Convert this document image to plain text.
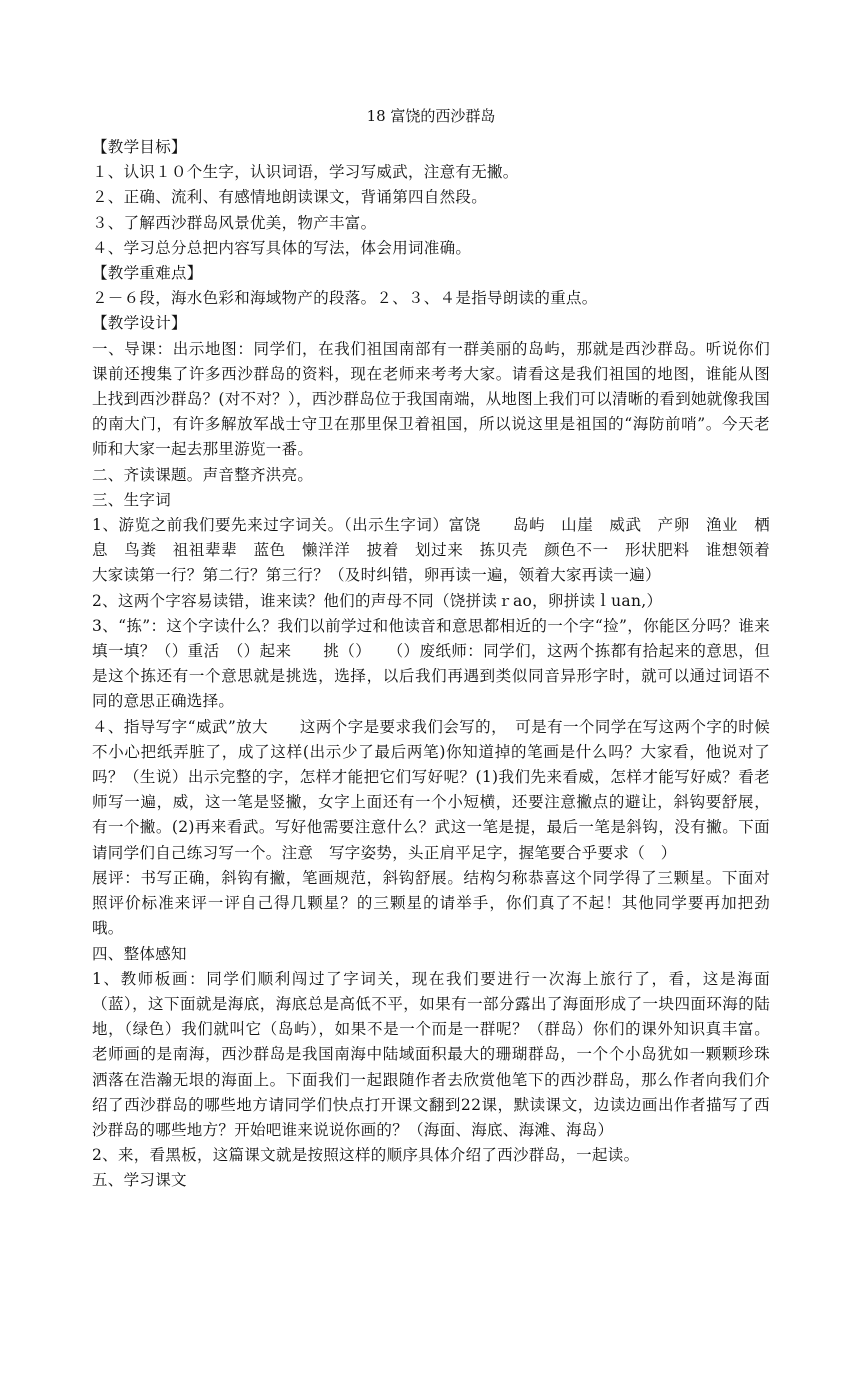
18 富饶的西沙群岛

【教学目标】

１、认识１０个生字，认识词语，学习写威武，注意有无撇。

２、正确、流利、有感情地朗读课文，背诵第四自然段。

３、了解西沙群岛风景优美，物产丰富。

４、学习总分总把内容写具体的写法，体会用词准确。

【教学重难点】

２－６段，海水色彩和海域物产的段落。２、３、４是指导朗读的重点。

【教学设计】

一、导课：出示地图：同学们，在我们祖国南部有一群美丽的岛屿，那就是西沙群岛。听说你们课前还搜集了许多西沙群岛的资料，现在老师来考考大家。请看这是我们祖国的地图，谁能从图上找到西沙群岛？(对不对？），西沙群岛位于我国南端，从地图上我们可以清晰的看到她就像我国的南大门，有许多解放军战士守卫在那里保卫着祖国，所以说这里是祖国的“海防前哨”。今天老师和大家一起去那里游览一番。

二、齐读课题。声音整齐洪亮。

三、生字词

1、游览之前我们要先来过字词关。（出示生字词）富饶　　岛屿　山崖　威武　产卵　渔业　栖息　鸟粪　祖祖辈辈　蓝色　懒洋洋　披着　划过来　拣贝壳　颜色不一　形状肥料　谁想领着大家读第一行？第二行？第三行？（及时纠错，卵再读一遍，领着大家再读一遍）

2、这两个字容易读错，谁来读？他们的声母不同（饶拼读ｒao，卵拼读ｌuan,）

3、“拣”：这个字读什么？我们以前学过和他读音和意思都相近的一个字“捡”，你能区分吗？谁来填一填？（）重活　（）起来　　挑（）　　（）废纸师：同学们，这两个拣都有拾起来的意思，但是这个拣还有一个意思就是挑选，选择，以后我们再遇到类似同音异形字时，就可以通过词语不同的意思正确选择。

４、指导写字“威武”放大　　这两个字是要求我们会写的，　可是有一个同学在写这两个字的时候不小心把纸弄脏了，成了这样(出示少了最后两笔)你知道掉的笔画是什么吗？大家看，他说对了吗？（生说）出示完整的字，怎样才能把它们写好呢？(1)我们先来看威，怎样才能写好威？看老师写一遍，威，这一笔是竖撇，女字上面还有一个小短横，还要注意撇点的避让，斜钩要舒展，有一个撇。(2)再来看武。写好他需要注意什么？武这一笔是提，最后一笔是斜钩，没有撇。下面请同学们自己练习写一个。注意　写字姿势，头正肩平足字，握笔要合乎要求（　）

展评：书写正确，斜钩有撇，笔画规范，斜钩舒展。结构匀称恭喜这个同学得了三颗星。下面对照评价标准来评一评自己得几颗星？的三颗星的请举手，你们真了不起！其他同学要再加把劲哦。

四、整体感知

1、教师板画：同学们顺利闯过了字词关，现在我们要进行一次海上旅行了，看，这是海面（蓝），这下面就是海底，海底总是高低不平，如果有一部分露出了海面形成了一块四面环海的陆地，（绿色）我们就叫它（岛屿），如果不是一个而是一群呢？（群岛）你们的课外知识真丰富。老师画的是南海，西沙群岛是我国南海中陆域面积最大的珊瑚群岛，一个个小岛犹如一颗颗珍珠洒落在浩瀚无垠的海面上。下面我们一起跟随作者去欣赏他笔下的西沙群岛，那么作者向我们介绍了西沙群岛的哪些地方请同学们快点打开课文翻到22课，默读课文，边读边画出作者描写了西沙群岛的哪些地方？开始吧谁来说说你画的？（海面、海底、海滩、海岛）

2、来，看黑板，这篇课文就是按照这样的顺序具体介绍了西沙群岛，一起读。

五、学习课文
